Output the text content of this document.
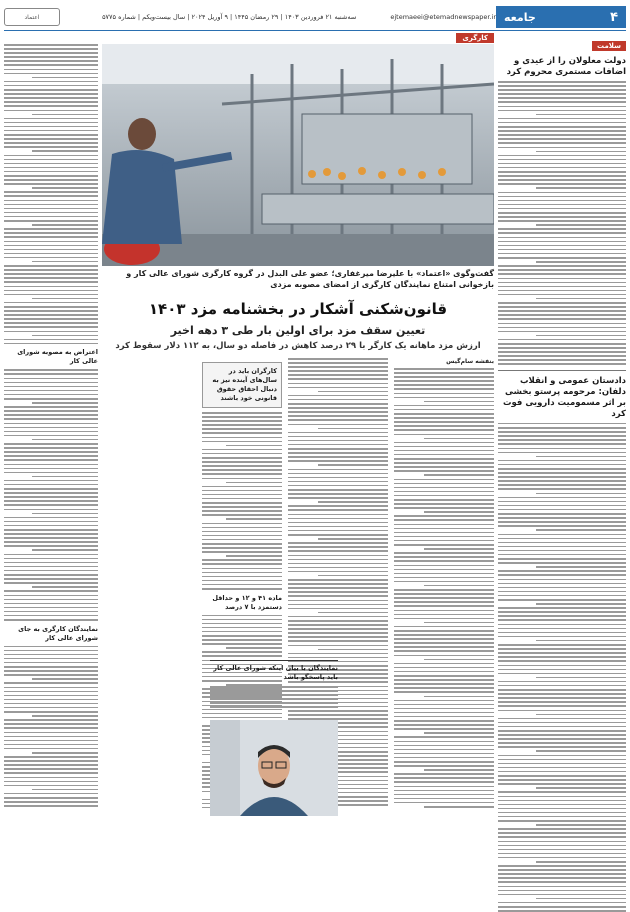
۴
جامعه
ejtemaeei@etemadnewspaper.ir
سه‌شنبه ۲۱ فروردین ۱۴۰۳ | ۲۹ رمضان ۱۴۴۵ | ۹ آوریل ۲۰۲۴ | سال بیست‌ویکم | شماره ۵۷۷۵
اعتماد
سلامت
دولت معلولان را از عیدی و اضافات مستمری محروم کرد
دادستان عمومی و انقلاب دلفان: مرحومه پرستو بخشی بر اثر مسمومیت دارویی فوت کرد
کارگری
گفت‌وگوی «اعتماد» با علیرضا میرغفاری؛ عضو علی البدل در گروه کارگری شورای عالی کار و بازخوانی امتناع نمایندگان کارگری از امضای مصوبه مزدی
قانون‌شکنی آشکار در بخشنامه مزد ۱۴۰۳
تعیین سقف مزد برای اولین بار طی ۳ دهه اخیر
ارزش مزد ماهانه یک کارگر با ۲۹ درصد کاهش در فاصله دو سال، به ۱۱۲ دلار سقوط کرد
بنفشه سام‌گیس
کارگران باید در سال‌های آینده نیز به دنبال احقاق حقوق قانونی خود باشند
ماده ۴۱ و ۱۲ و حداقل دستمزد با ۷ درصد
اعتراض به مصوبه شورای عالی کار
نمایندگان کارگری به جای شورای عالی کار
نمایندگان با بیان اینکه شورای عالی کار باید پاسخگو باشد
